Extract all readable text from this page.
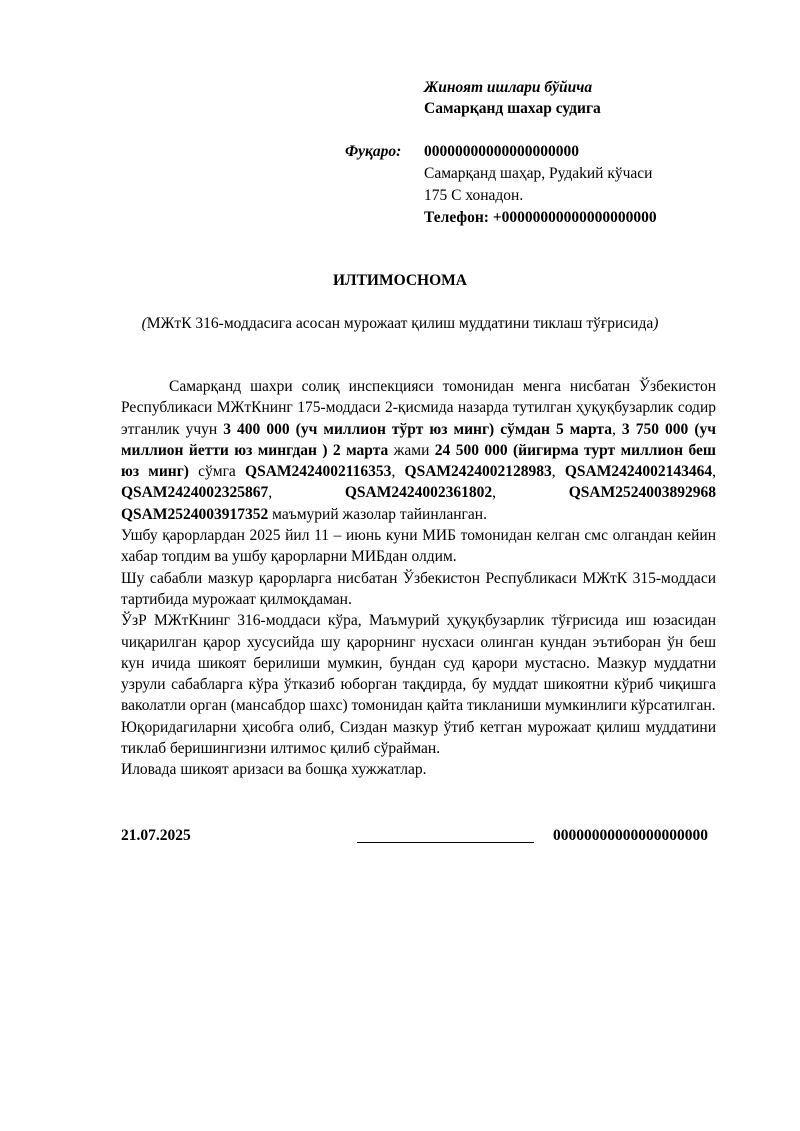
Жиноят ишлари бўйича
Самарқанд шахар судига
Фуқаро:	00000000000000000000
Самарқанд шаҳар, Рудаkий кўчаси
175 С хонадон.
Телефон: +00000000000000000000
ИЛТИМОСНОМА
(МЖтК 316-моддасига асосан мурожаат қилиш муддатини тиклаш тўғрисида)

Самарқанд шахри солиқ инспекцияси томонидан менга нисбатан Ўзбекистон Республикаси МЖтКнинг 175-моддаси 2-қисмида назарда тутилган ҳуқуқбузарлик содир этганлик учун 3 400 000 (уч миллион тўрт юз минг) сўмдан 5 марта, 3 750 000 (уч миллион йетти юз мингдан ) 2 марта жами 24 500 000 (йигирма турт миллион беш юз минг) сўмга QSAM2424002116353, QSAM2424002128983, QSAM2424002143464, QSAM2424002325867, QSAM2424002361802, QSAM2524003892968 QSAM2524003917352 маъмурий жазолар тайинланган.

Ушбу қарорлардан 2025 йил 11 – июнь куни МИБ томонидан келган смс олгандан кейин хабар топдим ва ушбу қарорларни МИБдан олдим.

Шу сабабли мазкур қарорларга нисбатан Ўзбекистон Республикаси МЖтК 315-моддаси тартибида мурожаат қилмоқдаман.

ЎзР МЖтКнинг 316-моддаси кўра, Маъмурий ҳуқуқбузарлик тўғрисида иш юзасидан чиқарилган қарор хусусийда шу қарорнинг нусхаси олинган кундан эътиборан ўн беш кун ичида шикоят берилиши мумкин, бундан суд қарори мустасно. Мазкур муддатни узрули сабабларга кўра ўтказиб юборган тақдирда, бу муддат шикоятни кўриб чиқишга ваколатли орган (мансабдор шахс) томонидан қайта тикланиши мумкинлиги кўрсатилган.

Юқоридагиларни ҳисобга олиб, Сиздан мазкур ўтиб кетган мурожаат қилиш муддатини тиклаб беришингизни илтимос қилиб сўрайман.

Иловада шикоят аризаси ва бошқа хужжатлар.

21.07.2025	00000000000000000000
